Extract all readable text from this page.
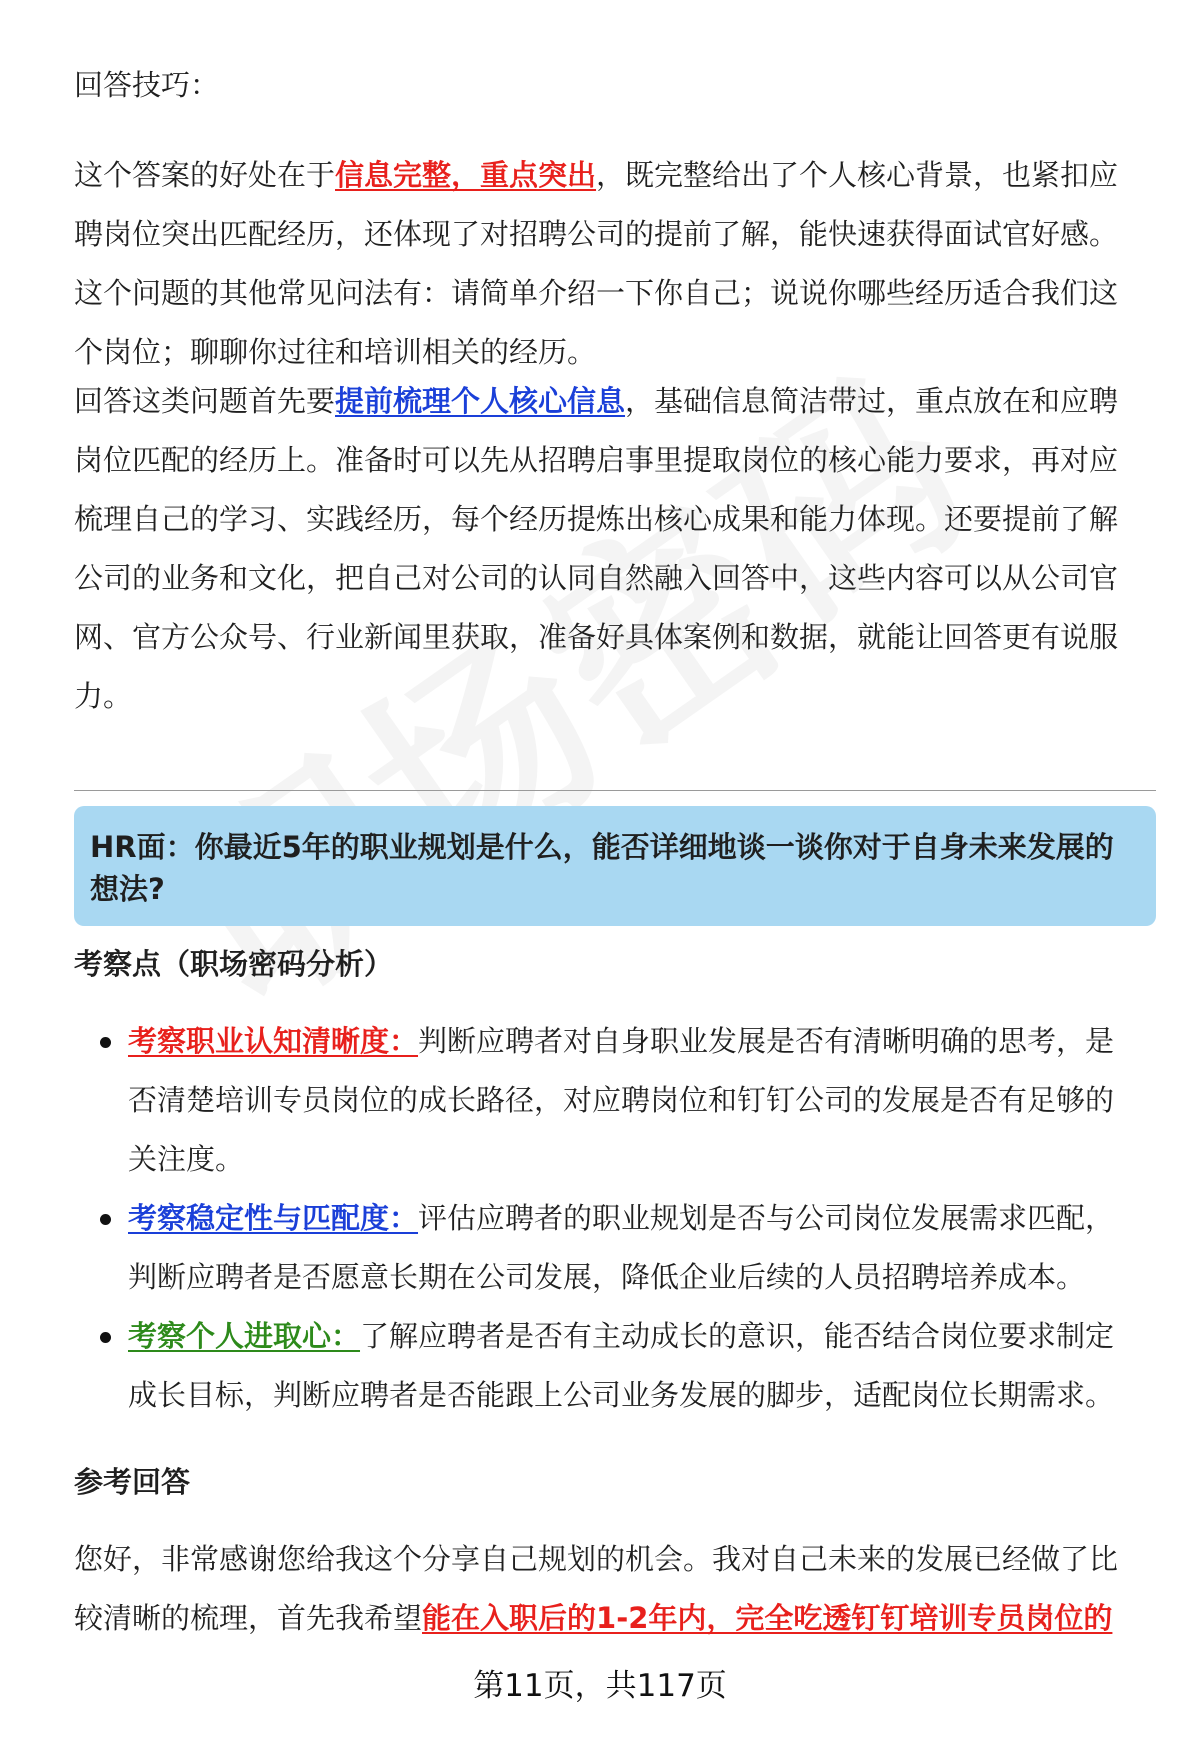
回答技巧：

这个答案的好处在于信息完整，重点突出，既完整给出了个人核心背景，也紧扣应

聘岗位突出匹配经历，还体现了对招聘公司的提前了解，能快速获得面试官好感。

这个问题的其他常见问法有：请简单介绍一下你自己；说说你哪些经历适合我们这

个岗位；聊聊你过往和培训相关的经历。

回答这类问题首先要提前梳理个人核心信息，基础信息简洁带过，重点放在和应聘

岗位匹配的经历上。准备时可以先从招聘启事里提取岗位的核心能力要求，再对应

梳理自己的学习、实践经历，每个经历提炼出核心成果和能力体现。还要提前了解

公司的业务和文化，把自己对公司的认同自然融入回答中，这些内容可以从公司官

网、官方公众号、行业新闻里获取，准备好具体案例和数据，就能让回答更有说服

力。

HR面：你最近5年的职业规划是什么，能否详细地谈一谈你对于自身未来发展的

想法?

考察点（职场密码分析）

考察职业认知清晰度：判断应聘者对自身职业发展是否有清晰明确的思考，是

否清楚培训专员岗位的成长路径，对应聘岗位和钉钉公司的发展是否有足够的

关注度。

考察稳定性与匹配度：评估应聘者的职业规划是否与公司岗位发展需求匹配，

判断应聘者是否愿意长期在公司发展，降低企业后续的人员招聘培养成本。

考察个人进取心：了解应聘者是否有主动成长的意识，能否结合岗位要求制定

成长目标，判断应聘者是否能跟上公司业务发展的脚步，适配岗位长期需求。

参考回答

您好，非常感谢您给我这个分享自己规划的机会。我对自己未来的发展已经做了比

较清晰的梳理，首先我希望能在入职后的1-2年内，完全吃透钉钉培训专员岗位的

第11页，共117页
